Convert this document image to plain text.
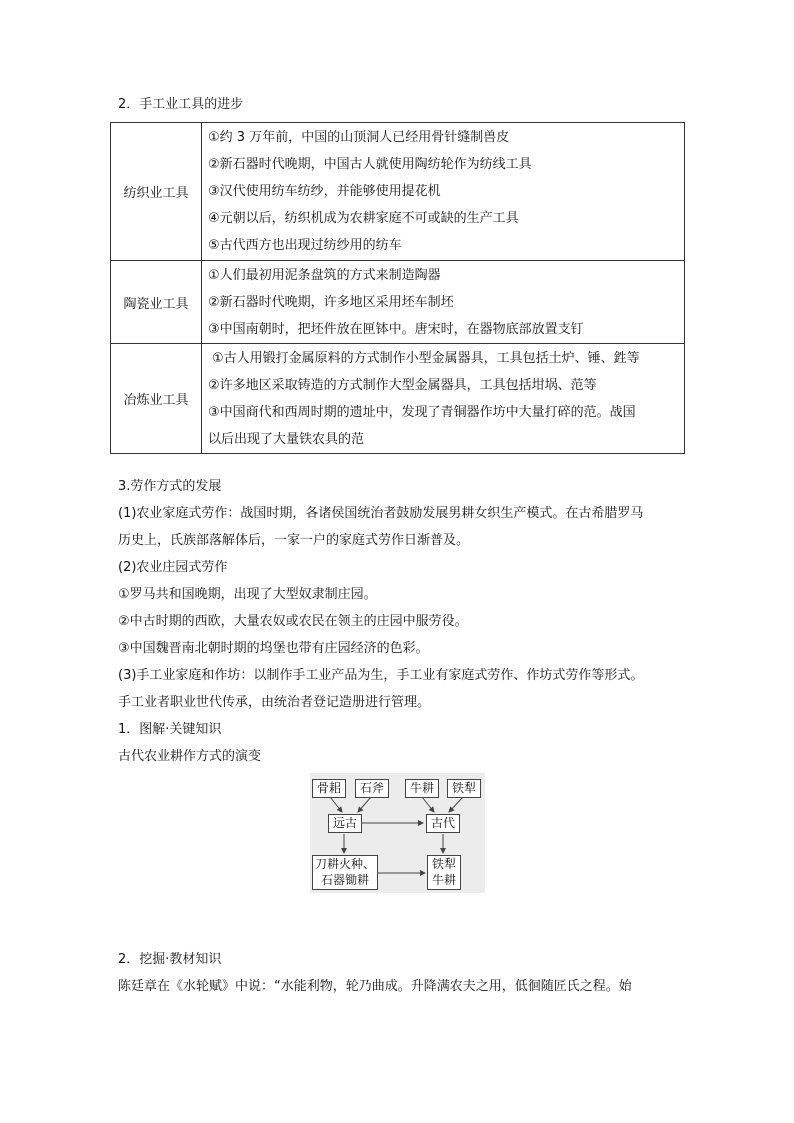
2．手工业工具的进步
纺织业工具	①约 3 万年前，中国的山顶洞人已经用骨针缝制兽皮
②新石器时代晚期，中国古人就使用陶纺轮作为纺线工具
③汉代使用纺车纺纱，并能够使用提花机
④元朝以后，纺织机成为农耕家庭不可或缺的生产工具
⑤古代西方也出现过纺纱用的纺车

陶瓷业工具	①人们最初用泥条盘筑的方式来制造陶器
②新石器时代晚期，许多地区采用坯车制坯
③中国南朝时，把坯件放在匣钵中。唐宋时，在器物底部放置支钉

冶炼业工具	①古人用锻打金属原料的方式制作小型金属器具，工具包括土炉、锤、鉎等
②许多地区采取铸造的方式制作大型金属器具，工具包括坩埚、范等
③中国商代和西周时期的遗址中，发现了青铜器作坊中大量打碎的范。战国
以后出现了大量铁农具的范
3.劳作方式的发展
(1)农业家庭式劳作：战国时期，各诸侯国统治者鼓励发展男耕女织生产模式。在古希腊罗马
历史上，氏族部落解体后，一家一户的家庭式劳作日渐普及。
(2)农业庄园式劳作
①罗马共和国晚期，出现了大型奴隶制庄园。
②中古时期的西欧，大量农奴或农民在领主的庄园中服劳役。
③中国魏晋南北朝时期的坞堡也带有庄园经济的色彩。
(3)手工业家庭和作坊：以制作手工业产品为生，手工业有家庭式劳作、作坊式劳作等形式。
手工业者职业世代传承，由统治者登记造册进行管理。
1．图解·关键知识
古代农业耕作方式的演变
骨耜	石斧	牛耕	铁犁
远古	古代
刀耕火种、
石器锄耕
铁犁
牛耕
2．挖掘·教材知识
陈廷章在《水轮赋》中说：“水能利物，轮乃曲成。升降满农夫之用，低徊随匠氏之程。始
